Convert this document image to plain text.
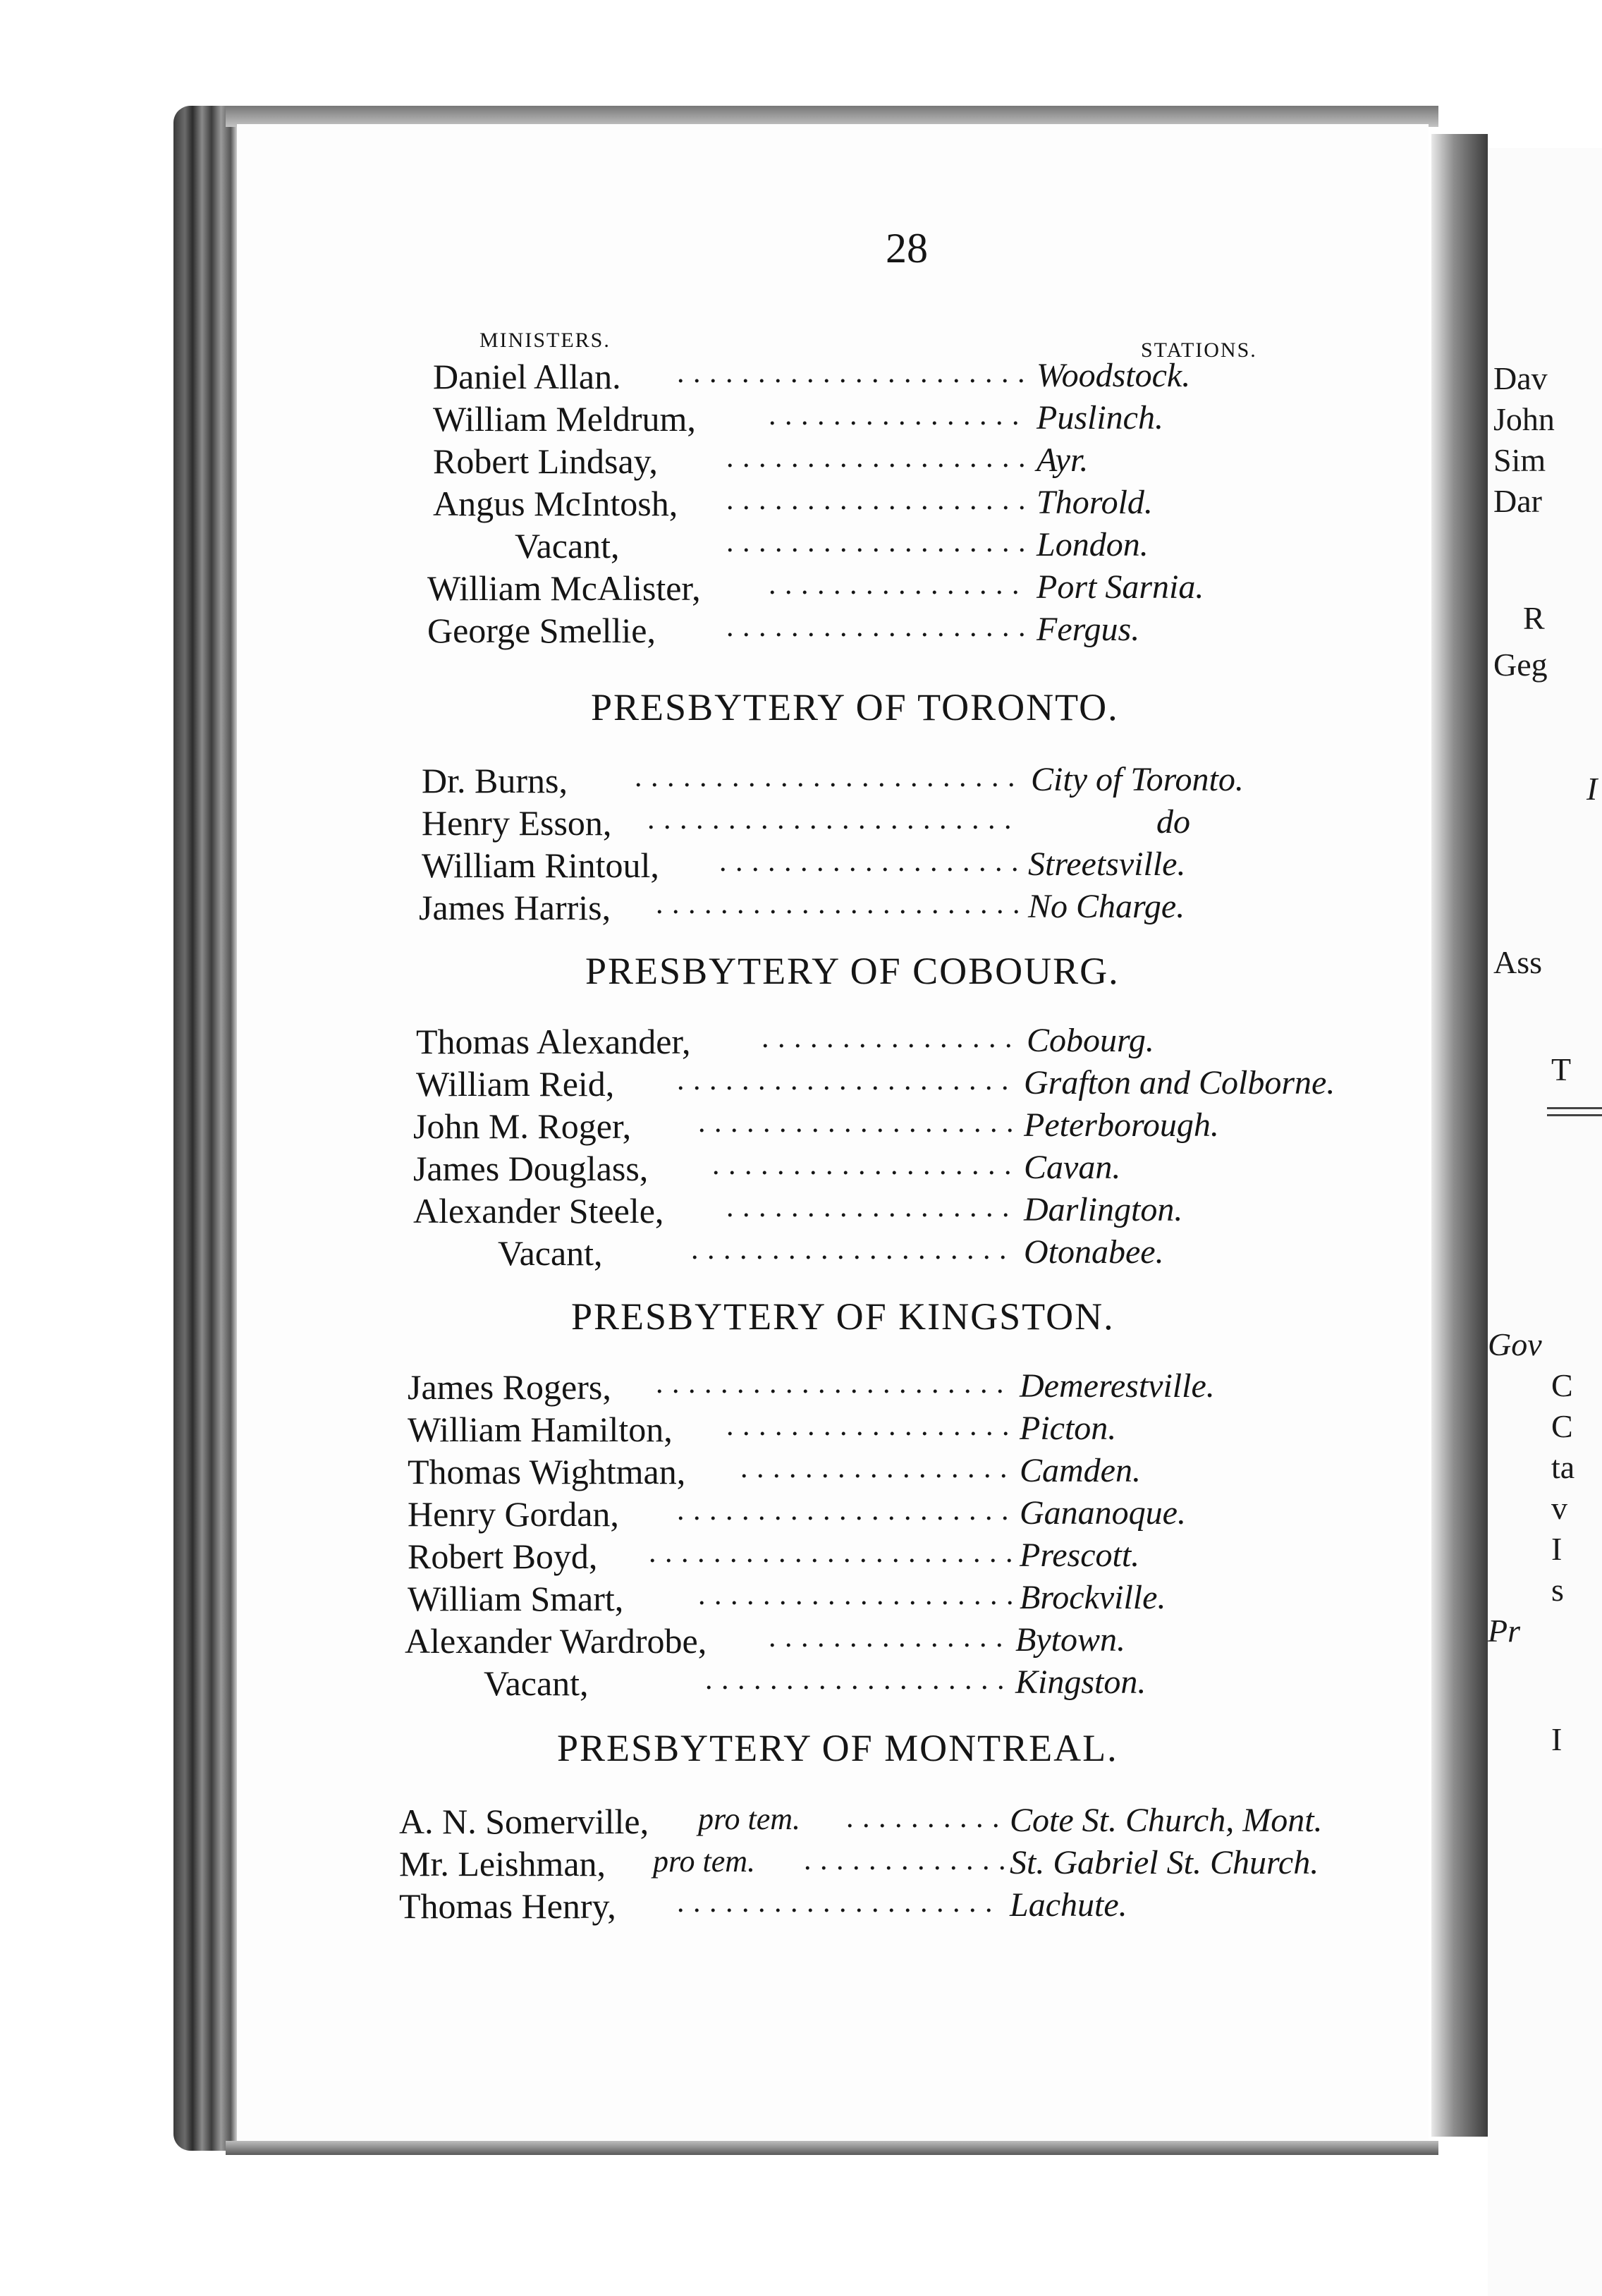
Dav
John
Sim
Dar
R
Geg
I
Ass
T
Gov
C
C
ta
v
I
s
Pr
I
28
MINISTERS.	STATIONS.
Daniel Allan. . . .	Woodstock.
William Meldrum, . . .	Puslinch.
Robert Lindsay, . . .	Ayr.
Angus McIntosh, . . .	Thorold.
Vacant, . . .	London.
William McAlister, . . .	Port Sarnia.
George Smellie, . . .	Fergus.
PRESBYTERY OF TORONTO.
Dr. Burns, . . .	City of Toronto.
Henry Esson, . . .	do
William Rintoul, . . .	Streetsville.
James Harris, . . .	No Charge.
PRESBYTERY OF COBOURG.
Thomas Alexander, . . .	Cobourg.
William Reid, . . .	Grafton and Colborne.
John M. Roger, . . .	Peterborough.
James Douglass, . . .	Cavan.
Alexander Steele, . . .	Darlington.
Vacant, . . .	Otonabee.
PRESBYTERY OF KINGSTON.
James Rogers, . . .	Demerestville.
William Hamilton, . . .	Picton.
Thomas Wightman, . . .	Camden.
Henry Gordan, . . .	Gananoque.
Robert Boyd, . . .	Prescott.
William Smart, . . .	Brockville.
Alexander Wardrobe, . . .	Bytown.
Vacant, . . .	Kingston.
PRESBYTERY OF MONTREAL.
A. N. Somerville, pro tem. . . .	Cote St. Church, Mont.
Mr. Leishman, pro tem. . . .	St. Gabriel St. Church.
Thomas Henry, . . .	Lachute.
